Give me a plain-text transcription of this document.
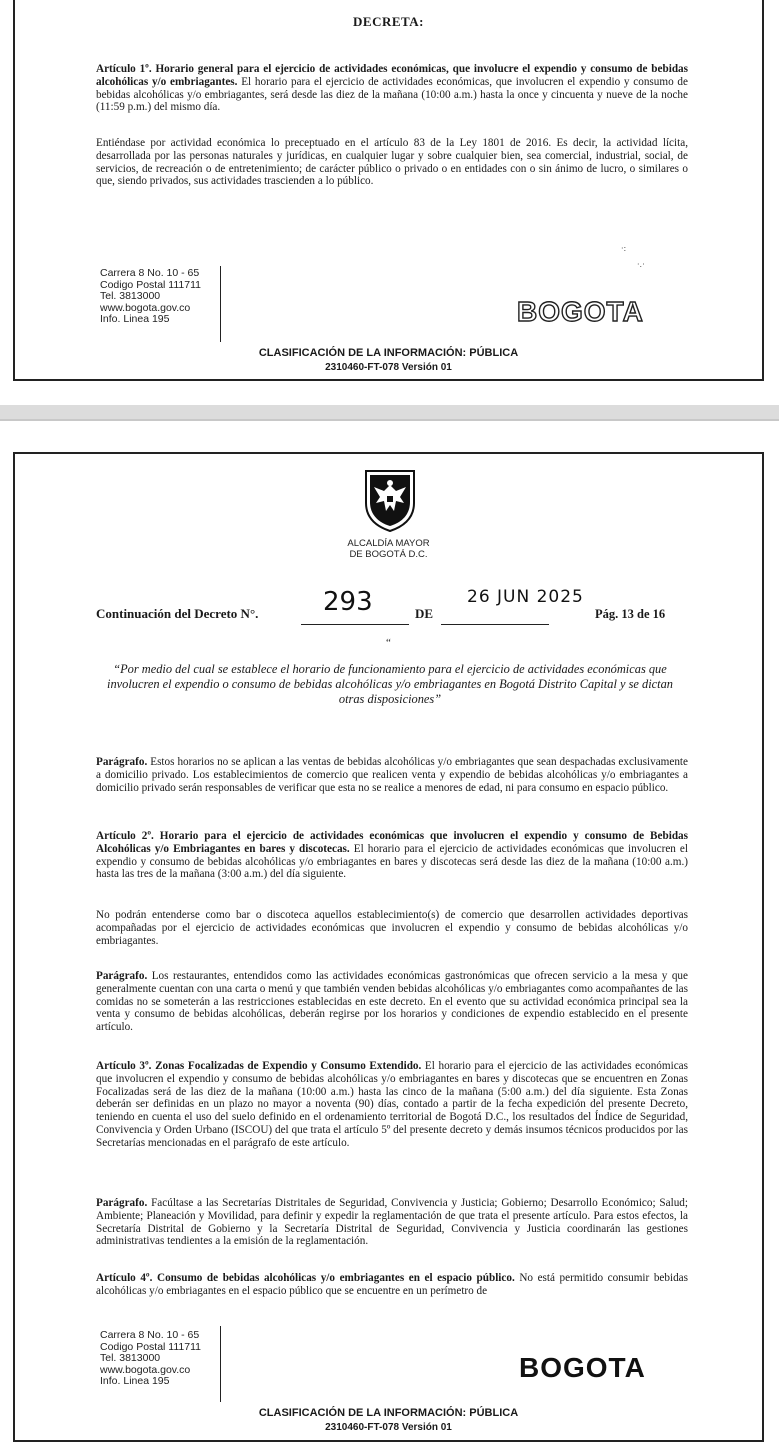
DECRETA:
Artículo 1º. Horario general para el ejercicio de actividades económicas, que involucre el expendio y consumo de bebidas alcohólicas y/o embriagantes. El horario para el ejercicio de actividades económicas, que involucren el expendio y consumo de bebidas alcohólicas y/o embriagantes, será desde las diez de la mañana (10:00 a.m.) hasta la once y cincuenta y nueve de la noche (11:59 p.m.) del mismo día.
Entiéndase por actividad económica lo preceptuado en el artículo 83 de la Ley 1801 de 2016. Es decir, la actividad lícita, desarrollada por las personas naturales y jurídicas, en cualquier lugar y sobre cualquier bien, sea comercial, industrial, social, de servicios, de recreación o de entretenimiento; de carácter público o privado o en entidades con o sin ánimo de lucro, o similares o que, siendo privados, sus actividades trascienden a lo público.
Carrera 8 No. 10 - 65
Codigo Postal 111711
Tel. 3813000
www.bogota.gov.co
Info. Linea 195
·:
·.·
BOGOTA
CLASIFICACIÓN DE LA INFORMACIÓN: PÚBLICA
2310460-FT-078 Versión 01
ALCALDÍA MAYOR
DE BOGOTÁ D.C.
Continuación del Decreto N°. 293	DE
26 JUN 2025
Pág. 13 de 16
“
“Por medio del cual se establece el horario de funcionamiento para el ejercicio de actividades económicas que involucren el expendio o consumo de bebidas alcohólicas y/o embriagantes en Bogotá Distrito Capital y se dictan otras disposiciones”
Parágrafo. Estos horarios no se aplican a las ventas de bebidas alcohólicas y/o embriagantes que sean despachadas exclusivamente a domicilio privado. Los establecimientos de comercio que realicen venta y expendio de bebidas alcohólicas y/o embriagantes a domicilio privado serán responsables de verificar que esta no se realice a menores de edad, ni para consumo en espacio público.
Artículo 2º. Horario para el ejercicio de actividades económicas que involucren el expendio y consumo de Bebidas Alcohólicas y/o Embriagantes en bares y discotecas. El horario para el ejercicio de actividades económicas que involucren el expendio y consumo de bebidas alcohólicas y/o embriagantes en bares y discotecas será desde las diez de la mañana (10:00 a.m.) hasta las tres de la mañana (3:00 a.m.) del día siguiente.
No podrán entenderse como bar o discoteca aquellos establecimiento(s) de comercio que desarrollen actividades deportivas acompañadas por el ejercicio de actividades económicas que involucren el expendio y consumo de bebidas alcohólicas y/o embriagantes.
Parágrafo. Los restaurantes, entendidos como las actividades económicas gastronómicas que ofrecen servicio a la mesa y que generalmente cuentan con una carta o menú y que también venden bebidas alcohólicas y/o embriagantes como acompañantes de las comidas no se someterán a las restricciones establecidas en este decreto. En el evento que su actividad económica principal sea la venta y consumo de bebidas alcohólicas, deberán regirse por los horarios y condiciones de expendio establecido en el presente artículo.
Artículo 3º. Zonas Focalizadas de Expendio y Consumo Extendido. El horario para el ejercicio de las actividades económicas que involucren el expendio y consumo de bebidas alcohólicas y/o embriagantes en bares y discotecas que se encuentren en Zonas Focalizadas será de las diez de la mañana (10:00 a.m.) hasta las cinco de la mañana (5:00 a.m.) del día siguiente. Esta Zonas deberán ser definidas en un plazo no mayor a noventa (90) días, contado a partir de la fecha expedición del presente Decreto, teniendo en cuenta el uso del suelo definido en el ordenamiento territorial de Bogotá D.C., los resultados del Índice de Seguridad, Convivencia y Orden Urbano (ISCOU) del que trata el artículo 5º del presente decreto y demás insumos técnicos producidos por las Secretarías mencionadas en el parágrafo de este artículo.
Parágrafo. Facúltase a las Secretarías Distritales de Seguridad, Convivencia y Justicia; Gobierno; Desarrollo Económico; Salud; Ambiente; Planeación y Movilidad, para definir y expedir la reglamentación de que trata el presente artículo. Para estos efectos, la Secretaría Distrital de Gobierno y la Secretaría Distrital de Seguridad, Convivencia y Justicia coordinarán las gestiones administrativas tendientes a la emisión de la reglamentación.
Artículo 4º. Consumo de bebidas alcohólicas y/o embriagantes en el espacio público. No está permitido consumir bebidas alcohólicas y/o embriagantes en el espacio público que se encuentre en un perímetro de
Carrera 8 No. 10 - 65
Codigo Postal 111711
Tel. 3813000
www.bogota.gov.co
Info. Linea 195	BOGOTA
CLASIFICACIÓN DE LA INFORMACIÓN: PÚBLICA
2310460-FT-078 Versión 01
